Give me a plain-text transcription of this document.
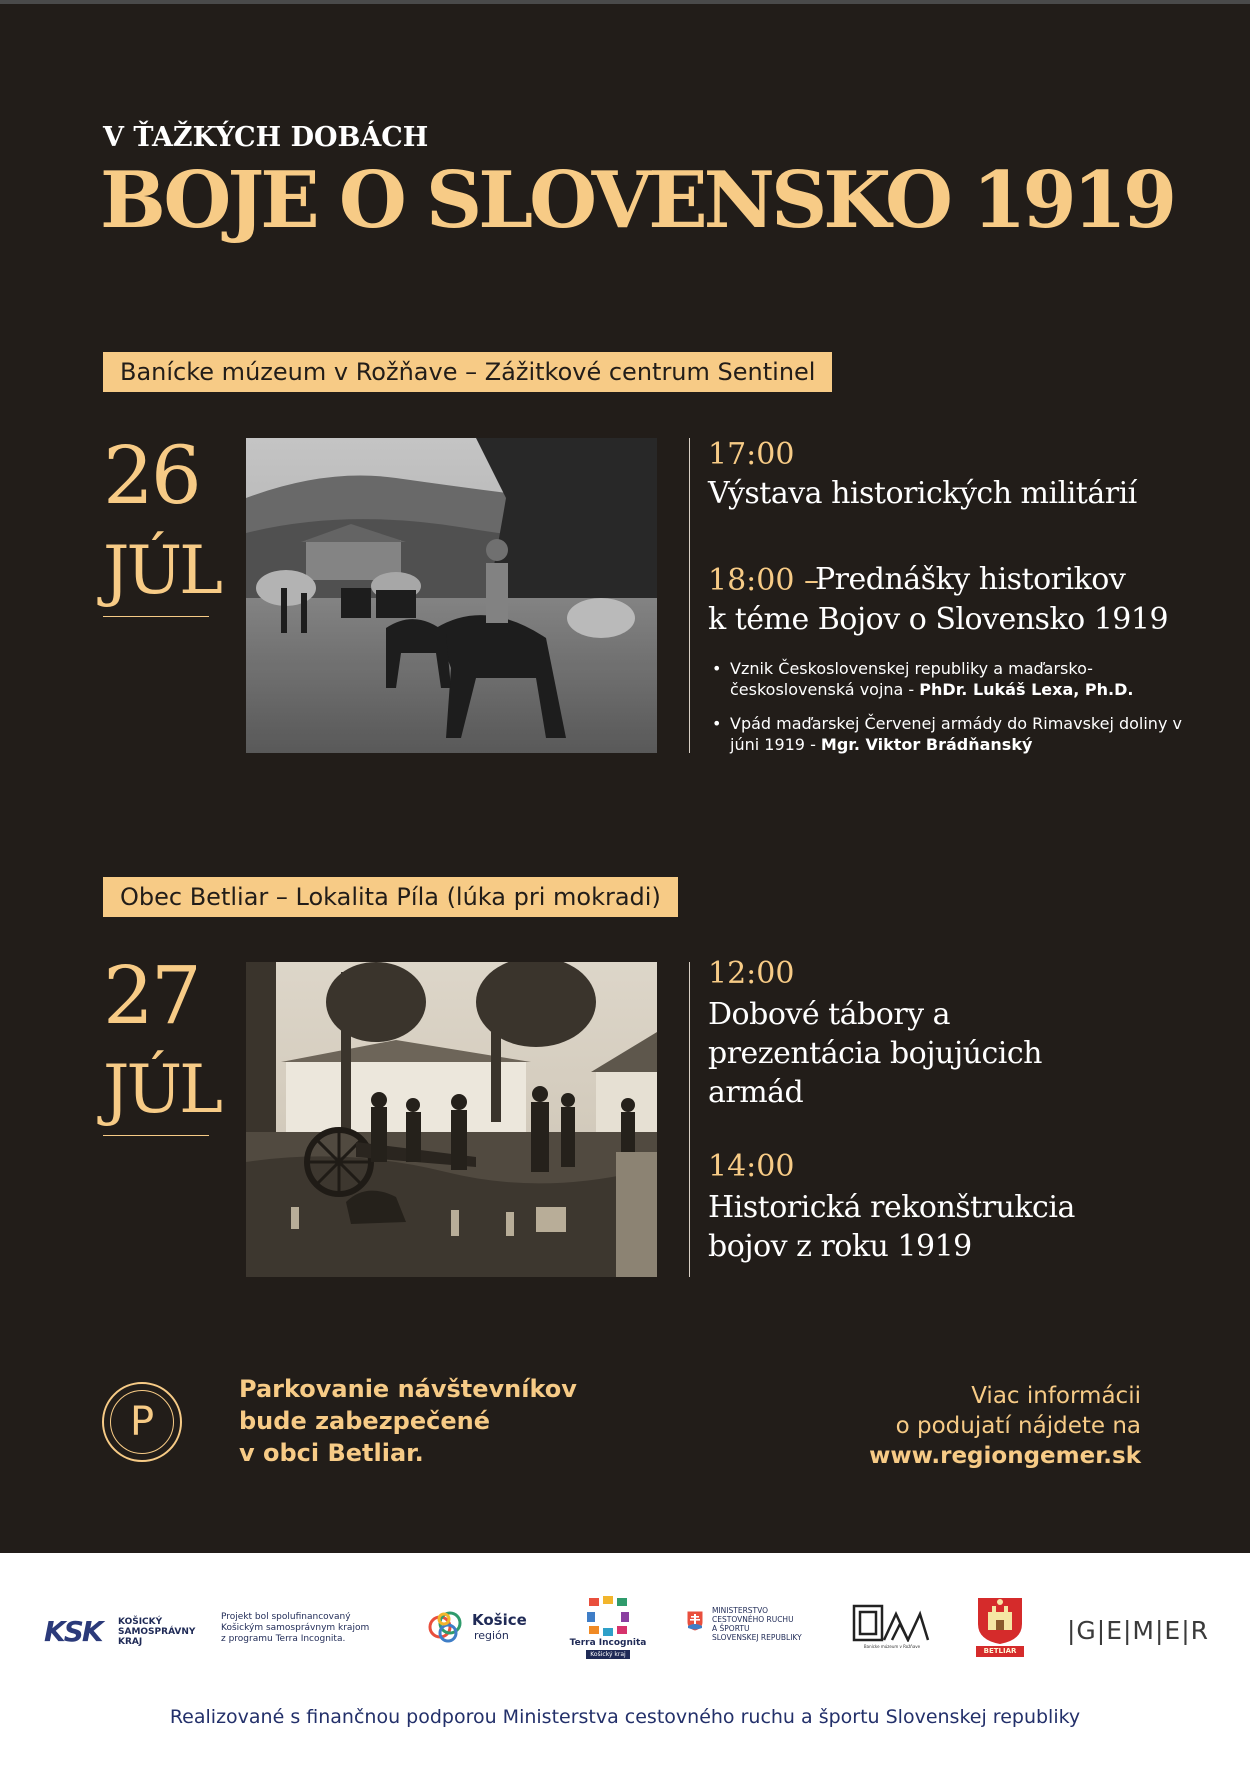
V ŤAŽKÝCH DOBÁCH
BOJE O SLOVENSKO 1919
Banícke múzeum v Rožňave – Zážitkové centrum Sentinel
26
JÚL
17:00
Výstava historických militárií
18:00 –
Prednášky historikov
k téme Bojov o Slovensko 1919
• Vznik Československej republiky a maďarsko-československá vojna - PhDr. Lukáš Lexa, Ph.D.
• Vpád maďarskej Červenej armády do Rimavskej doliny v júni 1919 - Mgr. Viktor Brádňanský
Obec Betliar – Lokalita Píla (lúka pri mokradi)
27
JÚL
12:00
Dobové tábory a
prezentácia bojujúcich
armád
14:00
Historická rekonštrukcia
bojov z roku 1919
P
Parkovanie návštevníkov
bude zabezpečené
v obci Betliar.
Viac informácii
o podujatí nájdete na
www.regiongemer.sk
KSK KOŠICKÝ
SAMOSPRÁVNY
KRAJ
Projekt bol spolufinancovaný
Košickým samosprávnym krajom
z programu Terra Incognita.
Košice
región
Terra Incognita
Košický kraj
MINISTERSTVO
CESTOVNÉHO RUCHU
A ŠPORTU
SLOVENSKEJ REPUBLIKY
Banícke múzeum v Rožňave
BETLIAR
|G|E|M|E|R
Realizované s finančnou podporou Ministerstva cestovného ruchu a športu Slovenskej republiky
